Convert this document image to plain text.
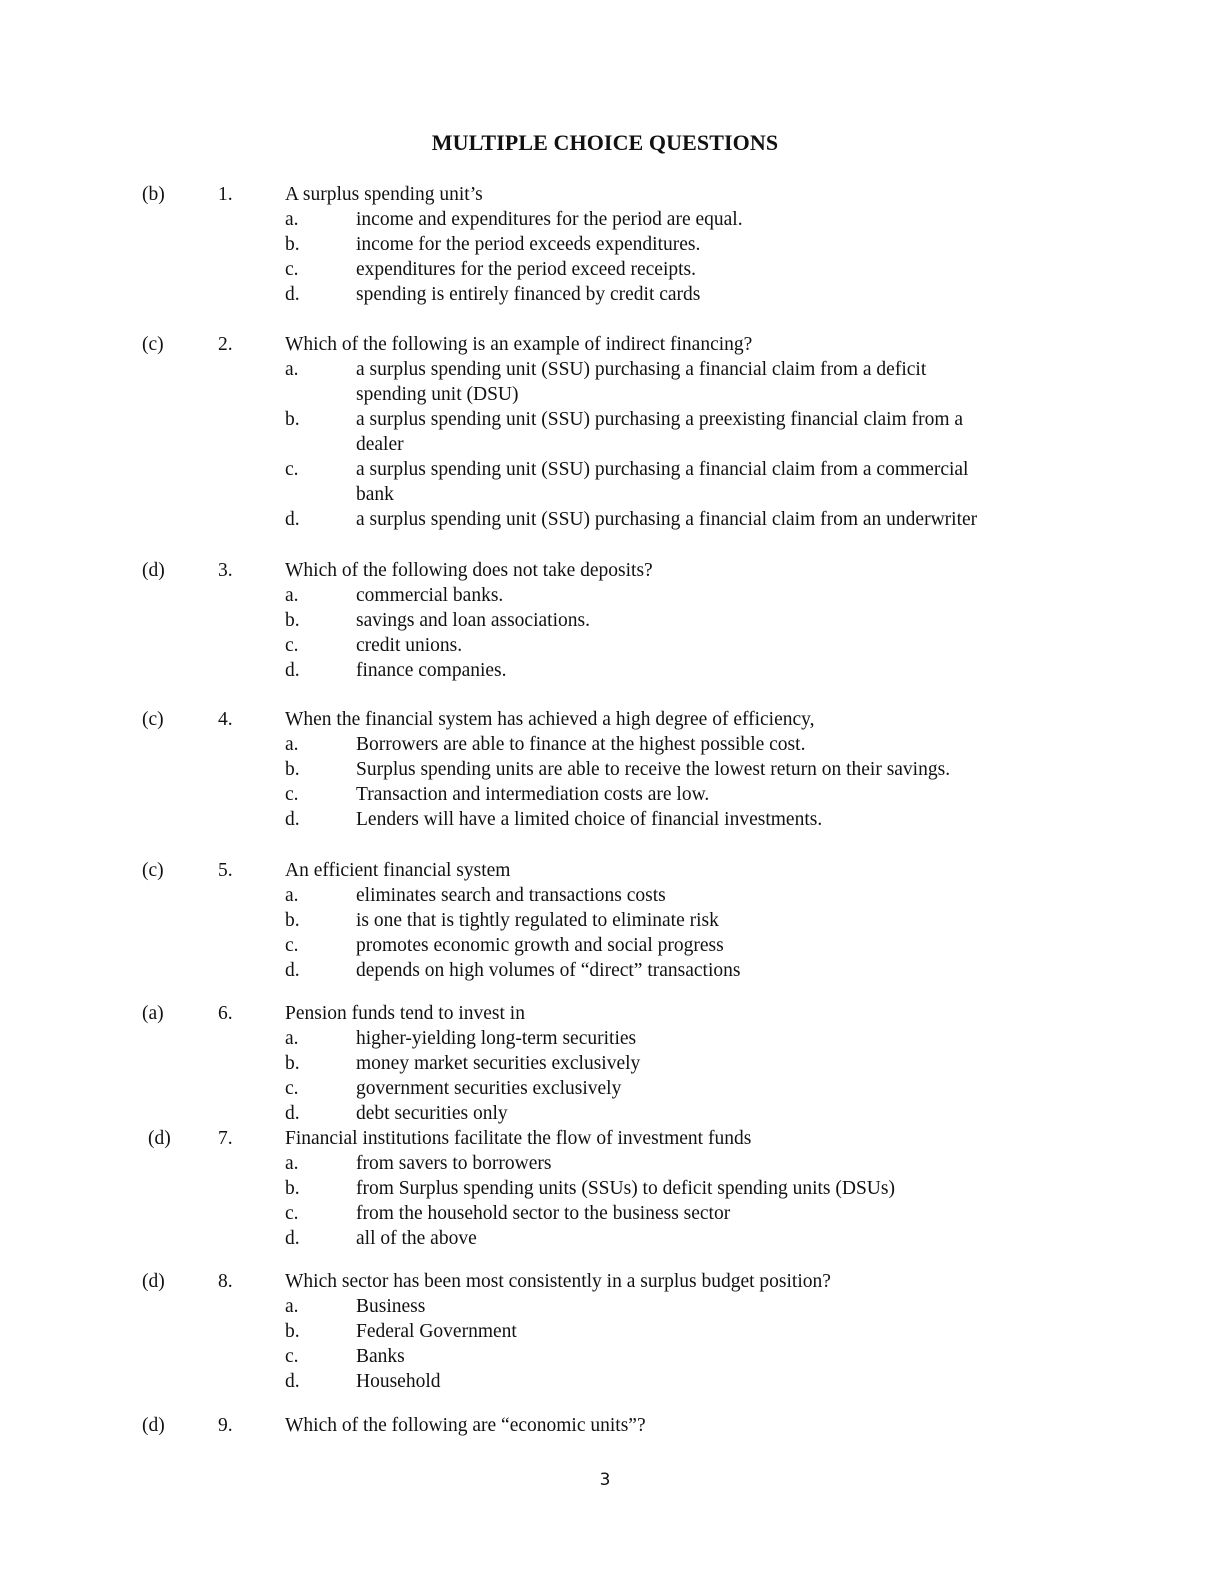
MULTIPLE CHOICE QUESTIONS
(b)	1.	A surplus spending unit’s
a.	income and expenditures for the period are equal.
b.	income for the period exceeds expenditures.
c.	expenditures for the period exceed receipts.
d.	spending is entirely financed by credit cards
(c)	2.	Which of the following is an example of indirect financing?
a.	a surplus spending unit (SSU) purchasing a financial claim from a deficit
spending unit (DSU)
b.	a surplus spending unit (SSU) purchasing a preexisting financial claim from a
dealer
c.	a surplus spending unit (SSU) purchasing a financial claim from a commercial
bank
d.	a surplus spending unit (SSU) purchasing a financial claim from an underwriter
(d)	3.	Which of the following does not take deposits?
a.	commercial banks.
b.	savings and loan associations.
c.	credit unions.
d.	finance companies.
(c)	4.	When the financial system has achieved a high degree of efficiency,
a.	Borrowers are able to finance at the highest possible cost.
b.	Surplus spending units are able to receive the lowest return on their savings.
c.	Transaction and intermediation costs are low.
d.	Lenders will have a limited choice of financial investments.
(c)	5.	An efficient financial system
a.	eliminates search and transactions costs
b.	is one that is tightly regulated to eliminate risk
c.	promotes economic growth and social progress
d.	depends on high volumes of “direct” transactions
(a)	6.	Pension funds tend to invest in
a.	higher-yielding long-term securities
b.	money market securities exclusively
c.	government securities exclusively
d.	debt securities only
(d) 7.	Financial institutions facilitate the flow of investment funds
a.	from savers to borrowers
b.	from Surplus spending units (SSUs) to deficit spending units (DSUs)
c.	from the household sector to the business sector
d.	all of the above
(d)	8.	Which sector has been most consistently in a surplus budget position?
a.	Business
b.	Federal Government
c.	Banks
d.	Household
(d)	9.	Which of the following are “economic units”?
3
